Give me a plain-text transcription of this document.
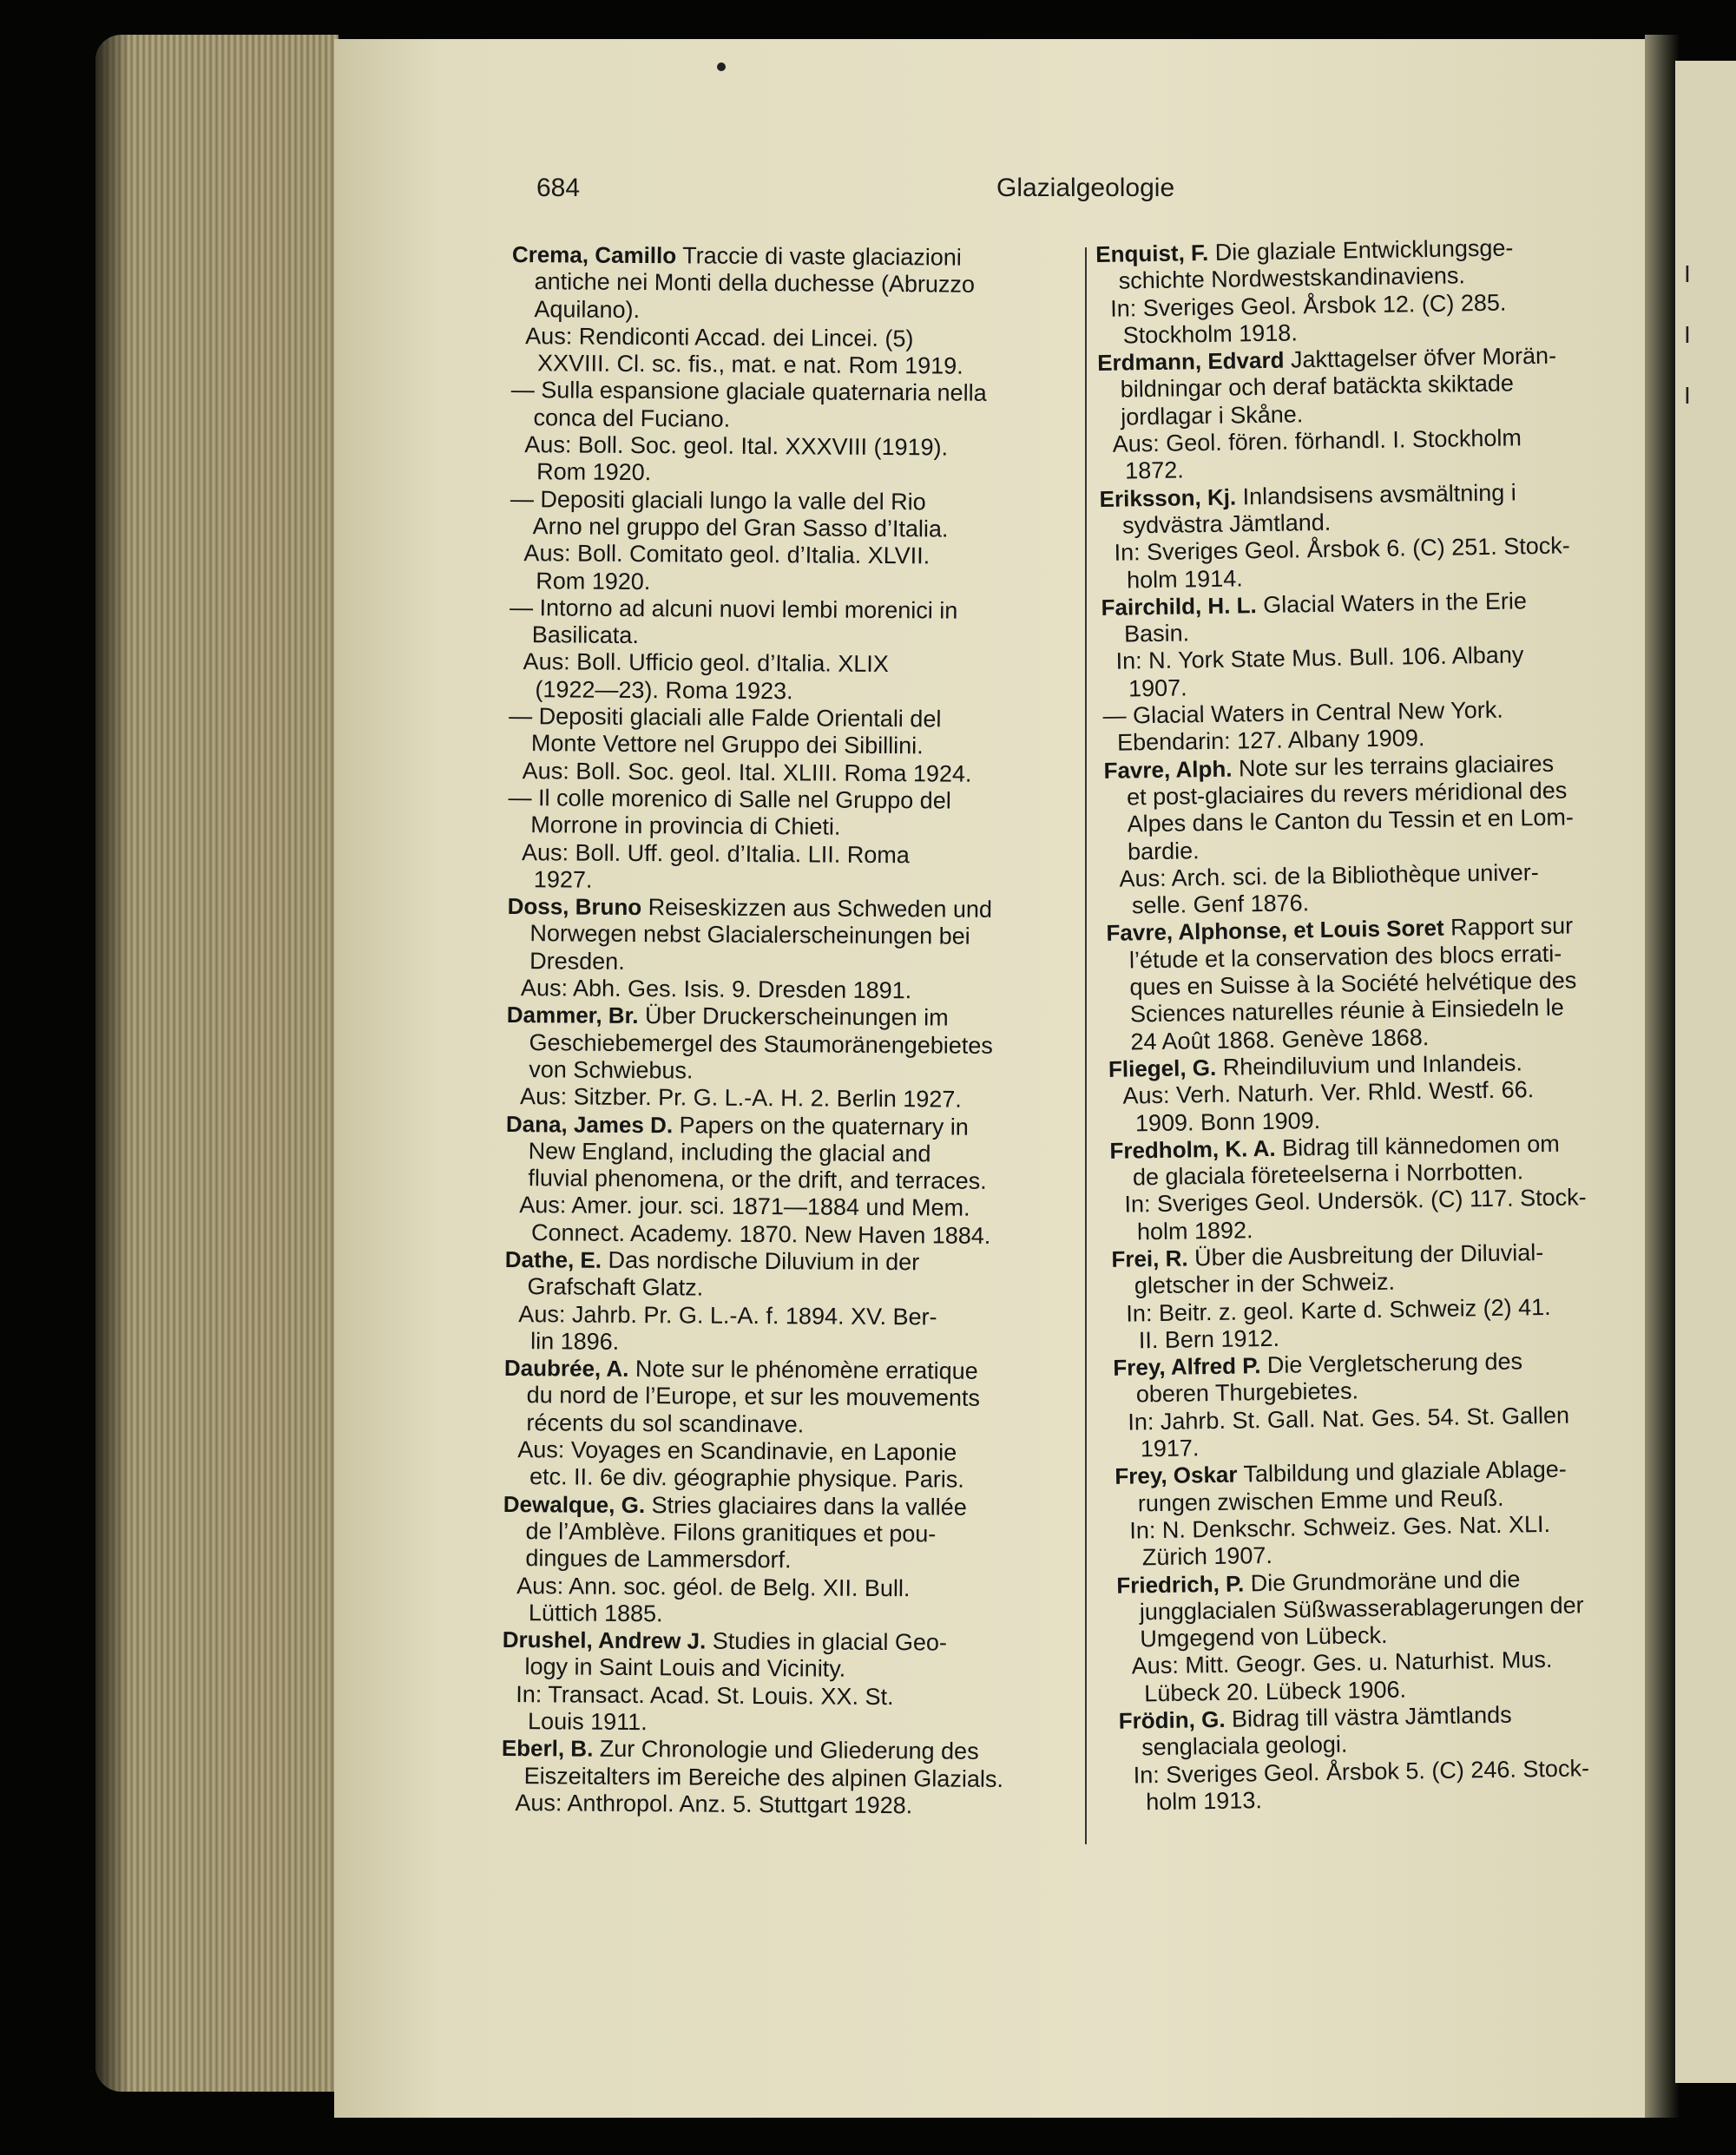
I
I
I
684	Glazialgeologie
Crema, Camillo Traccie di vaste glaciazioni
antiche nei Monti della duchesse (Abruzzo
Aquilano).
Aus: Rendiconti Accad. dei Lincei. (5)
XXVIII. Cl. sc. fis., mat. e nat. Rom 1919.
— Sulla espansione glaciale quaternaria nella
conca del Fuciano.
Aus: Boll. Soc. geol. Ital. XXXVIII (1919).
Rom 1920.
— Depositi glaciali lungo la valle del Rio
Arno nel gruppo del Gran Sasso d’Italia.
Aus: Boll. Comitato geol. d’Italia. XLVII.
Rom 1920.
— Intorno ad alcuni nuovi lembi morenici in
Basilicata.
Aus: Boll. Ufficio geol. d’Italia. XLIX
(1922—23). Roma 1923.
— Depositi glaciali alle Falde Orientali del
Monte Vettore nel Gruppo dei Sibillini.
Aus: Boll. Soc. geol. Ital. XLIII. Roma 1924.
— Il colle morenico di Salle nel Gruppo del
Morrone in provincia di Chieti.
Aus: Boll. Uff. geol. d’Italia. LII. Roma
1927.
Doss, Bruno Reiseskizzen aus Schweden und
Norwegen nebst Glacialerscheinungen bei
Dresden.
Aus: Abh. Ges. Isis. 9. Dresden 1891.
Dammer, Br. Über Druckerscheinungen im
Geschiebemergel des Staumoränengebietes
von Schwiebus.
Aus: Sitzber. Pr. G. L.-A. H. 2. Berlin 1927.
Dana, James D. Papers on the quaternary in
New England, including the glacial and
fluvial phenomena, or the drift, and terraces.
Aus: Amer. jour. sci. 1871—1884 und Mem.
Connect. Academy. 1870. New Haven 1884.
Dathe, E. Das nordische Diluvium in der
Grafschaft Glatz.
Aus: Jahrb. Pr. G. L.-A. f. 1894. XV. Ber-
lin 1896.
Daubrée, A. Note sur le phénomène erratique
du nord de l’Europe, et sur les mouvements
récents du sol scandinave.
Aus: Voyages en Scandinavie, en Laponie
etc. II. 6e div. géographie physique. Paris.
Dewalque, G. Stries glaciaires dans la vallée
de l’Amblève. Filons granitiques et pou-
dingues de Lammersdorf.
Aus: Ann. soc. géol. de Belg. XII. Bull.
Lüttich 1885.
Drushel, Andrew J. Studies in glacial Geo-
logy in Saint Louis and Vicinity.
In: Transact. Acad. St. Louis. XX. St.
Louis 1911.
Eberl, B. Zur Chronologie und Gliederung des
Eiszeitalters im Bereiche des alpinen Glazials.
Aus: Anthropol. Anz. 5. Stuttgart 1928.
Enquist, F. Die glaziale Entwicklungsge-
schichte Nordwestskandinaviens.
In: Sveriges Geol. Årsbok 12. (C) 285.
Stockholm 1918.
Erdmann, Edvard Jakttagelser öfver Morän-
bildningar och deraf batäckta skiktade
jordlagar i Skåne.
Aus: Geol. fören. förhandl. I. Stockholm
1872.
Eriksson, Kj. Inlandsisens avsmältning i
sydvästra Jämtland.
In: Sveriges Geol. Årsbok 6. (C) 251. Stock-
holm 1914.
Fairchild, H. L. Glacial Waters in the Erie
Basin.
In: N. York State Mus. Bull. 106. Albany
1907.
— Glacial Waters in Central New York.
Ebendarin: 127. Albany 1909.
Favre, Alph. Note sur les terrains glaciaires
et post-glaciaires du revers méridional des
Alpes dans le Canton du Tessin et en Lom-
bardie.
Aus: Arch. sci. de la Bibliothèque univer-
selle. Genf 1876.
Favre, Alphonse, et Louis Soret Rapport sur
l’étude et la conservation des blocs errati-
ques en Suisse à la Société helvétique des
Sciences naturelles réunie à Einsiedeln le
24 Août 1868. Genève 1868.
Fliegel, G. Rheindiluvium und Inlandeis.
Aus: Verh. Naturh. Ver. Rhld. Westf. 66.
1909. Bonn 1909.
Fredholm, K. A. Bidrag till kännedomen om
de glaciala företeelserna i Norrbotten.
In: Sveriges Geol. Undersök. (C) 117. Stock-
holm 1892.
Frei, R. Über die Ausbreitung der Diluvial-
gletscher in der Schweiz.
In: Beitr. z. geol. Karte d. Schweiz (2) 41.
II. Bern 1912.
Frey, Alfred P. Die Vergletscherung des
oberen Thurgebietes.
In: Jahrb. St. Gall. Nat. Ges. 54. St. Gallen
1917.
Frey, Oskar Talbildung und glaziale Ablage-
rungen zwischen Emme und Reuß.
In: N. Denkschr. Schweiz. Ges. Nat. XLI.
Zürich 1907.
Friedrich, P. Die Grundmoräne und die
jungglacialen Süßwasserablagerungen der
Umgegend von Lübeck.
Aus: Mitt. Geogr. Ges. u. Naturhist. Mus.
Lübeck 20. Lübeck 1906.
Frödin, G. Bidrag till västra Jämtlands
senglaciala geologi.
In: Sveriges Geol. Årsbok 5. (C) 246. Stock-
holm 1913.
